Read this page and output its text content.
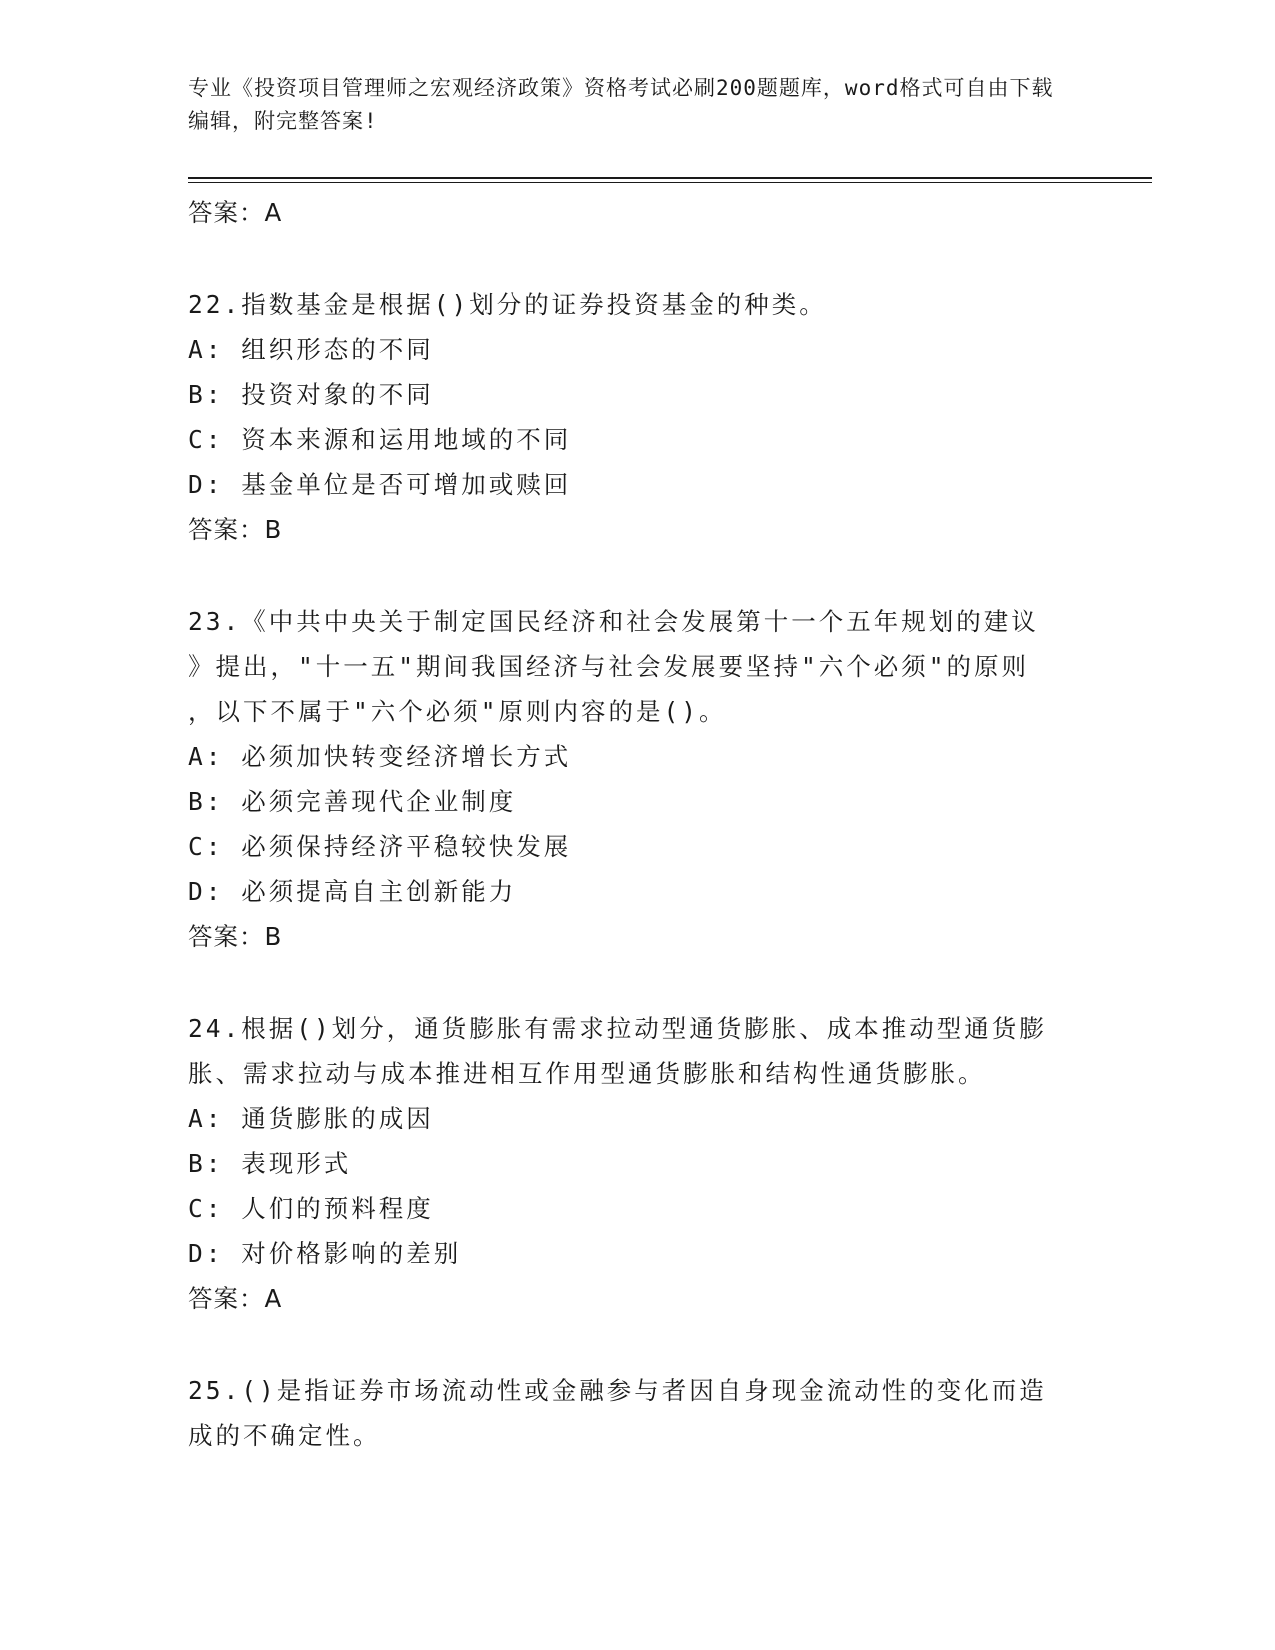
专业《投资项目管理师之宏观经济政策》资格考试必刷200题题库，word格式可自由下载编辑，附完整答案!
答案：A
22.指数基金是根据()划分的证券投资基金的种类。
A: 组织形态的不同
B: 投资对象的不同
C: 资本来源和运用地域的不同
D: 基金单位是否可增加或赎回
答案：B
23.《中共中央关于制定国民经济和社会发展第十一个五年规划的建议
》提出，"十一五"期间我国经济与社会发展要坚持"六个必须"的原则
，以下不属于"六个必须"原则内容的是()。
A: 必须加快转变经济增长方式
B: 必须完善现代企业制度
C: 必须保持经济平稳较快发展
D: 必须提高自主创新能力
答案：B
24.根据()划分，通货膨胀有需求拉动型通货膨胀、成本推动型通货膨
胀、需求拉动与成本推进相互作用型通货膨胀和结构性通货膨胀。
A: 通货膨胀的成因
B: 表现形式
C: 人们的预料程度
D: 对价格影响的差别
答案：A
25.()是指证券市场流动性或金融参与者因自身现金流动性的变化而造
成的不确定性。
